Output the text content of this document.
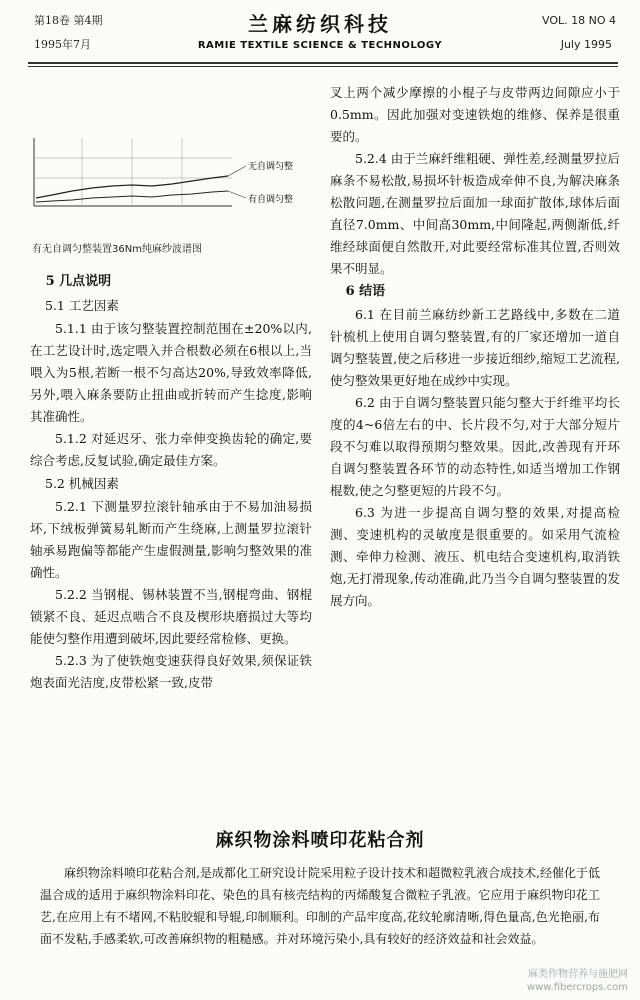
第18卷 第4期
1995年7月
兰麻纺织科技
RAMIE TEXTILE SCIENCE & TECHNOLOGY
VOL. 18 NO 4
July 1995
无自调匀整
有自调匀整
有无自调匀整装置36Nm纯麻纱波谱图
5 几点说明
5.1 工艺因素

5.1.1 由于该匀整装置控制范围在±20%以内,在工艺设计时,选定喂入并合根数必须在6根以上,当喂入为5根,若断一根不匀高达20%,导致效率降低,另外,喂入麻条要防止扭曲或折转而产生捻度,影响其准确性。

5.1.2 对延迟牙、张力牵伸变换齿轮的确定,要综合考虑,反复试验,确定最佳方案。

5.2 机械因素

5.2.1 下测量罗拉滚针轴承由于不易加油易损坏,下绒板弹簧易轧断而产生绕麻,上测量罗拉滚针轴承易跑偏等都能产生虚假测量,影响匀整效果的准确性。

5.2.2 当钢棍、锡林装置不当,钢棍弯曲、钢棍锁紧不良、延迟点啮合不良及楔形块磨损过大等均能使匀整作用遭到破坏,因此要经常检修、更换。

5.2.3 为了使铁炮变速获得良好效果,须保证铁炮表面光洁度,皮带松紧一致,皮带

叉上两个减少摩擦的小棍子与皮带两边间隙应小于0.5mm。因此加强对变速铁炮的维修、保养是很重要的。

5.2.4 由于兰麻纤维粗硬、弹性差,经测量罗拉后麻条不易松散,易损坏针板造成牵伸不良,为解决麻条松散问题,在测量罗拉后面加一球面扩散体,球体后面直径7.0mm、中间高30mm,中间隆起,两侧渐低,纤维经球面便自然散开,对此要经常标准其位置,否则效果不明显。

6 结语

6.1 在目前兰麻纺纱新工艺路线中,多数在二道针梳机上使用自调匀整装置,有的厂家还增加一道自调匀整装置,使之后移进一步接近细纱,缩短工艺流程,使匀整效果更好地在成纱中实现。

6.2 由于自调匀整装置只能匀整大于纤维平均长度的4~6倍左右的中、长片段不匀,对于大部分短片段不匀难以取得预期匀整效果。因此,改善现有开环自调匀整装置各环节的动态特性,如适当增加工作钢棍数,使之匀整更短的片段不匀。

6.3 为进一步提高自调匀整的效果,对提高检测、变速机构的灵敏度是很重要的。如采用气流检测、牵伸力检测、液压、机电结合变速机构,取消铁炮,无打滑现象,传动准确,此乃当今自调匀整装置的发展方向。

麻织物涂料喷印花粘合剂

麻织物涂料喷印花粘合剂,是成都化工研究设计院采用粒子设计技术和超微粒乳液合成技术,经催化于低温合成的适用于麻织物涂料印花、染色的具有核壳结构的丙烯酸复合微粒子乳液。它应用于麻织物印花工艺,在应用上有不堵网,不粘胶辊和导辊,印制顺利。印制的产品牢度高,花纹轮廓清晰,得色量高,色光艳丽,布面不发粘,手感柔软,可改善麻织物的粗糙感。并对环境污染小,具有较好的经济效益和社会效益。

麻类作物营养与施肥网
www.fibercrops.com
